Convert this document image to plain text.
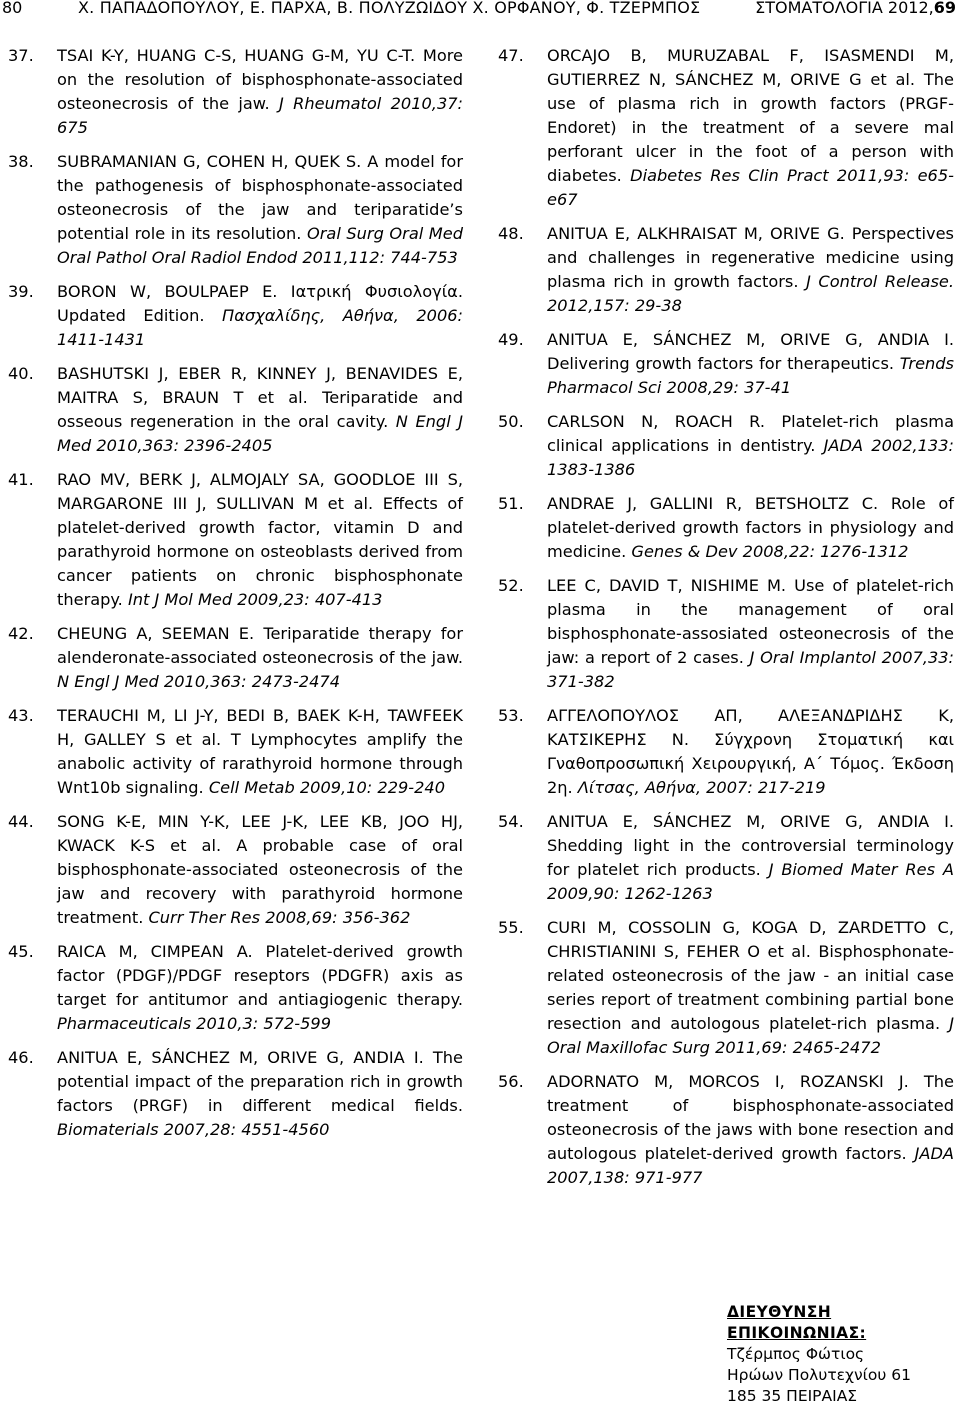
80	Χ. ΠΑΠΑΔΟΠΟΥΛΟΥ, Ε. ΠΑΡΧΑ, Β. ΠΟΛΥΖΩΙΔΟΥ Χ. ΟΡΦΑΝΟΥ, Φ. ΤΖΕΡΜΠΟΣ	ΣΤΟΜΑΤΟΛΟΓΙΑ 2012,69
37. TSAI K-Y, HUANG C-S, HUANG G-M, YU C-T. More on the resolution of bisphosphonate-associated osteonecrosis of the jaw. J Rheumatol 2010,37: 675
38. SUBRAMANIAN G, COHEN H, QUEK S. A model for the pathogenesis of bisphosphonate-associated osteonecrosis of the jaw and teriparatide’s potential role in its resolution. Oral Surg Oral Med Oral Pathol Oral Radiol Endod 2011,112: 744-753
39. BORON W, BOULPAEP E. Ιατρική Φυσιολογία. Updated Edition. Πασχαλίδης, Αθήνα, 2006: 1411-1431
40. BASHUTSKI J, EBER R, KINNEY J, BENAVIDES E, MAITRA S, BRAUN T et al. Teriparatide and osseous regeneration in the oral cavity. N Engl J Med 2010,363: 2396-2405
41. RAO MV, BERK J, ALMOJALY SA, GOODLOE III S, MARGARONE III J, SULLIVAN M et al. Effects of platelet-derived growth factor, vitamin D and parathyroid hormone on osteoblasts derived from cancer patients on chronic bisphosphonate therapy. Int J Mol Med 2009,23: 407-413
42. CHEUNG A, SEEMAN E. Teriparatide therapy for alenderonate-associated osteonecrosis of the jaw. N Engl J Med 2010,363: 2473-2474
43. TERAUCHI M, LI J-Y, BEDI B, BAEK K-H, TAWFEEK H, GALLEY S et al. T Lymphocytes amplify the anabolic activity of rarathyroid hormone through Wnt10b signaling. Cell Metab 2009,10: 229-240
44. SONG K-E, MIN Y-K, LEE J-K, LEE KB, JOO HJ, KWACK K-S et al. A probable case of oral bisphosphonate-associated osteonecrosis of the jaw and recovery with parathyroid hormone treatment. Curr Ther Res 2008,69: 356-362
45. RAICA M, CIMPEAN A. Platelet-derived growth factor (PDGF)/PDGF reseptors (PDGFR) axis as target for antitumor and antiagiogenic therapy. Pharmaceuticals 2010,3: 572-599
46. ANITUA E, SÁNCHEZ M, ORIVE G, ANDIA I. The potential impact of the preparation rich in growth factors (PRGF) in different medical fields. Biomaterials 2007,28: 4551-4560
47. ORCAJO B, MURUZABAL F, ISASMENDI M, GUTIERREZ N, SÁNCHEZ M, ORIVE G et al. The use of plasma rich in growth factors (PRGF-Endoret) in the treatment of a severe mal perforant ulcer in the foot of a person with diabetes. Diabetes Res Clin Pract 2011,93: e65-e67
48. ANITUA E, ALKHRAISAT M, ORIVE G. Perspectives and challenges in regenerative medicine using plasma rich in growth factors. J Control Release. 2012,157: 29-38
49. ANITUA E, SÁNCHEZ M, ORIVE G, ANDIA I. Delivering growth factors for therapeutics. Trends Pharmacol Sci 2008,29: 37-41
50. CARLSON N, ROACH R. Platelet-rich plasma clinical applications in dentistry. JADA 2002,133: 1383-1386
51. ANDRAE J, GALLINI R, BETSHOLTZ C. Role of platelet-derived growth factors in physiology and medicine. Genes & Dev 2008,22: 1276-1312
52. LEE C, DAVID T, NISHIME M. Use of platelet-rich plasma in the management of oral bisphosphonate-assosiated osteonecrosis of the jaw: a report of 2 cases. J Oral Implantol 2007,33: 371-382
53. ΑΓΓΕΛΟΠΟΥΛΟΣ ΑΠ, ΑΛΕΞΑΝΔΡΙΔΗΣ Κ, ΚΑΤΣΙΚΕΡΗΣ Ν. Σύγχρονη Στοματική και Γναθοπροσωπική Χειρουργική, Α΄ Τόμος. Έκδοση 2η. Λίτσας, Αθήνα, 2007: 217-219
54. ANITUA E, SÁNCHEZ M, ORIVE G, ANDIA I. Shedding light in the controversial terminology for platelet rich products. J Biomed Mater Res A 2009,90: 1262-1263
55. CURI M, COSSOLIN G, KOGA D, ZARDETTO C, CHRISTIANINI S, FEHER O et al. Bisphosphonate-related osteonecrosis of the jaw - an initial case series report of treatment combining partial bone resection and autologous platelet-rich plasma. J Oral Maxillofac Surg 2011,69: 2465-2472
56. ADORNATO M, MORCOS I, ROZANSKI J. The treatment of bisphosphonate-associated osteonecrosis of the jaws with bone resection and autologous platelet-derived growth factors. JADA 2007,138: 971-977
ΔΙΕΥΘΥΝΣΗ ΕΠΙΚΟΙΝΩΝΙΑΣ:
Τζέρμπος Φώτιος
Ηρώων Πολυτεχνίου 61
185 35 ΠΕΙΡΑΙΑΣ
